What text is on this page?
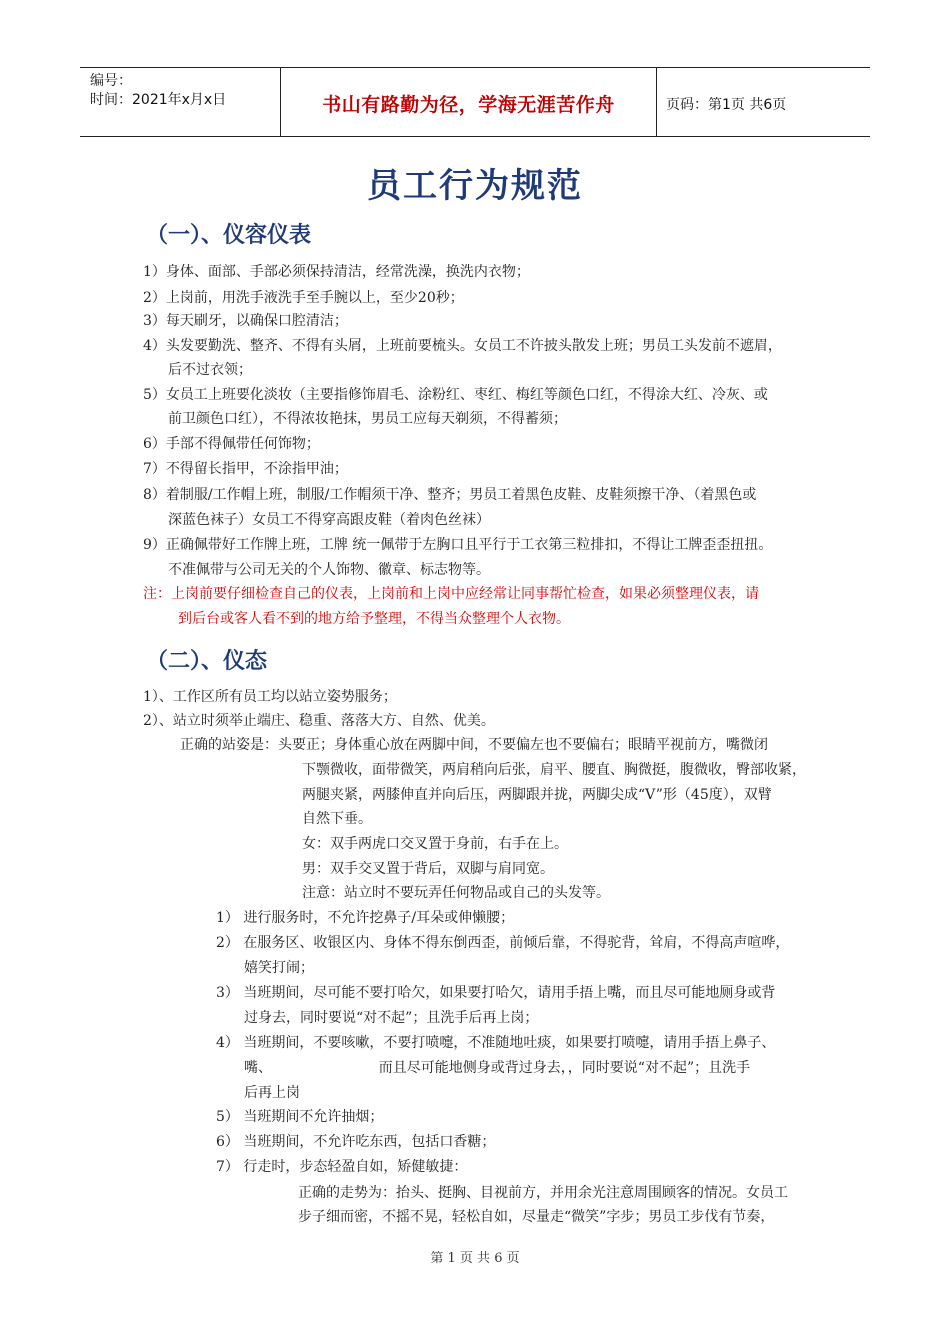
编号：
时间：2021年x月x日	书山有路勤为径，学海无涯苦作舟	页码：第1页 共6页
员工行为规范
（一）、仪容仪表
1）身体、面部、手部必须保持清洁，经常洗澡，换洗内衣物；
2）上岗前，用洗手液洗手至手腕以上，至少20秒；
3）每天刷牙，以确保口腔清洁；
4）头发要勤洗、整齐、不得有头屑，上班前要梳头。女员工不许披头散发上班；男员工头发前不遮眉，
后不过衣领；
5）女员工上班要化淡妆（主要指修饰眉毛、涂粉红、枣红、梅红等颜色口红，不得涂大红、冷灰、或
前卫颜色口红），不得浓妆艳抹，男员工应每天剃须，不得蓄须；
6）手部不得佩带任何饰物；
7）不得留长指甲，不涂指甲油；
8）着制服/工作帽上班，制服/工作帽须干净、整齐；男员工着黑色皮鞋、皮鞋须擦干净、（着黑色或
深蓝色袜子）女员工不得穿高跟皮鞋（着肉色丝袜）
9）正确佩带好工作牌上班，工牌 统一佩带于左胸口且平行于工衣第三粒排扣，不得让工牌歪歪扭扭。
不准佩带与公司无关的个人饰物、徽章、标志物等。
注：上岗前要仔细检查自己的仪表，上岗前和上岗中应经常让同事帮忙检查，如果必须整理仪表，请
到后台或客人看不到的地方给予整理，不得当众整理个人衣物。
（二）、仪态
1）、工作区所有员工均以站立姿势服务；
2）、站立时须举止端庄、稳重、落落大方、自然、优美。
正确的站姿是：头要正；身体重心放在两脚中间，不要偏左也不要偏右；眼睛平视前方，嘴微闭
下颚微收，面带微笑，两肩稍向后张，肩平、腰直、胸微挺，腹微收，臀部收紧，
两腿夹紧，两膝伸直并向后压，两脚跟并拢，两脚尖成“V”形（45度），双臂
自然下垂。
女：双手两虎口交叉置于身前，右手在上。
男：双手交叉置于背后，双脚与肩同宽。
注意：站立时不要玩弄任何物品或自己的头发等。
1） 进行服务时，不允许挖鼻子/耳朵或伸懒腰；
2） 在服务区、收银区内、身体不得东倒西歪，前倾后靠，不得驼背，耸肩，不得高声喧哗，
嬉笑打闹；
3） 当班期间，尽可能不要打哈欠，如果要打哈欠，请用手捂上嘴，而且尽可能地厕身或背
过身去，同时要说“对不起”；且洗手后再上岗；
4） 当班期间，不要咳嗽，不要打喷嚏，不准随地吐痰，如果要打喷嚏，请用手捂上鼻子、
嘴、                        而且尽可能地侧身或背过身去，，同时要说“对不起”；且洗手
后再上岗
5） 当班期间不允许抽烟；
6） 当班期间，不允许吃东西，包括口香糖；
7） 行走时，步态轻盈自如，矫健敏捷：
正确的走势为：抬头、挺胸、目视前方，并用余光注意周围顾客的情况。女员工
步子细而密，不摇不晃，轻松自如，尽量走“微笑”字步；男员工步伐有节奏，
第 1 页 共 6 页
